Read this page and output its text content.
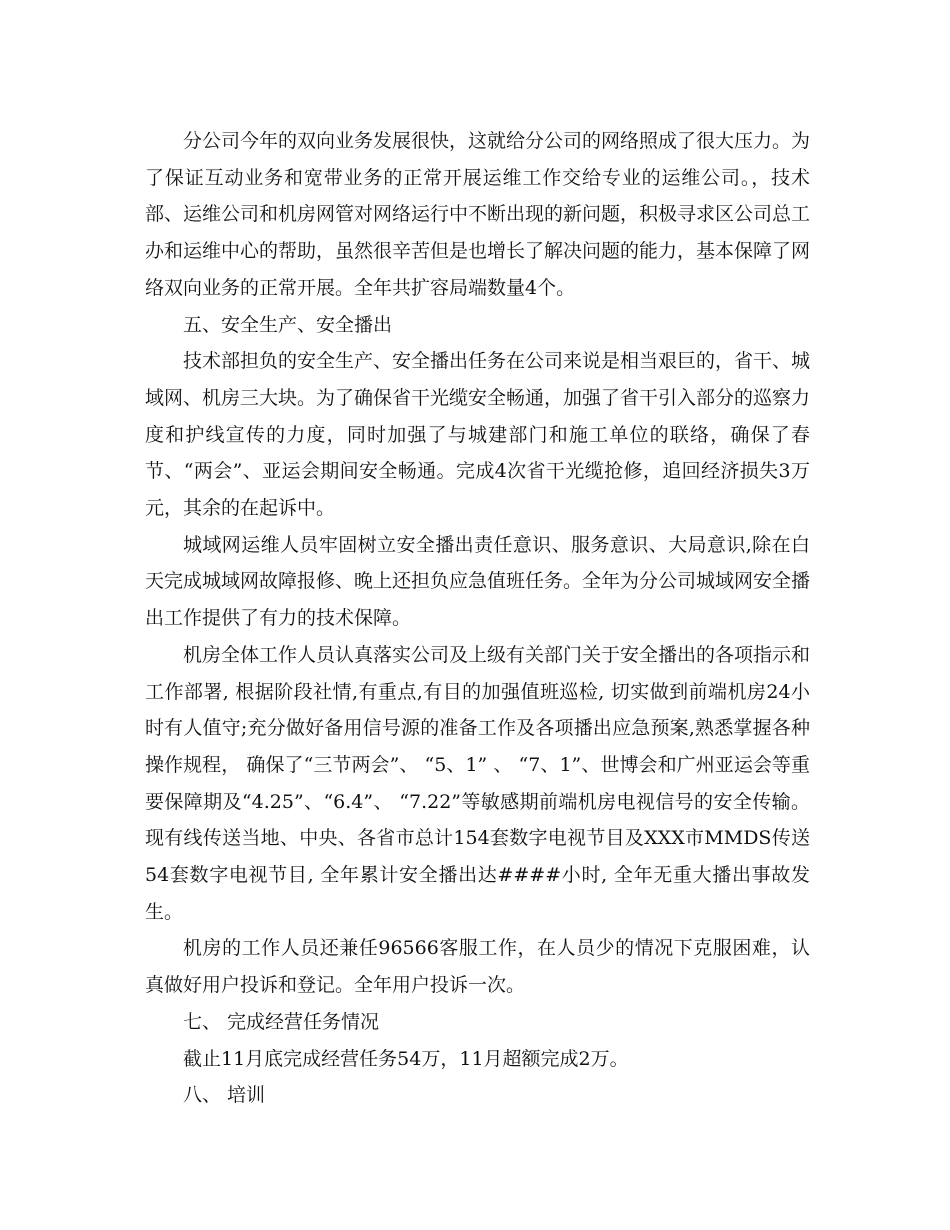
分公司今年的双向业务发展很快，这就给分公司的网络照成了很大压力。为了保证互动业务和宽带业务的正常开展运维工作交给专业的运维公司。，技术部、运维公司和机房网管对网络运行中不断出现的新问题，积极寻求区公司总工办和运维中心的帮助，虽然很辛苦但是也增长了解决问题的能力，基本保障了网络双向业务的正常开展。全年共扩容局端数量4个。

五、安全生产、安全播出

技术部担负的安全生产、安全播出任务在公司来说是相当艰巨的，省干、城域网、机房三大块。为了确保省干光缆安全畅通，加强了省干引入部分的巡察力度和护线宣传的力度，同时加强了与城建部门和施工单位的联络，确保了春节、“两会”、亚运会期间安全畅通。完成4次省干光缆抢修，追回经济损失3万元，其余的在起诉中。

城域网运维人员牢固树立安全播出责任意识、服务意识、大局意识,除在白天完成城域网故障报修、晚上还担负应急值班任务。全年为分公司城域网安全播出工作提供了有力的技术保障。

机房全体工作人员认真落实公司及上级有关部门关于安全播出的各项指示和工作部署, 根据阶段社情,有重点,有目的加强值班巡检, 切实做到前端机房24小时有人值守;充分做好备用信号源的准备工作及各项播出应急预案,熟悉掌握各种操作规程， 确保了“三节两会”、 “5、1” 、 “7、1”、世博会和广州亚运会等重要保障期及“4.25”、“6.4”、 “7.22”等敏感期前端机房电视信号的安全传输。现有线传送当地、中央、各省市总计154套数字电视节目及XXX市MMDS传送54套数字电视节目, 全年累计安全播出达####小时, 全年无重大播出事故发生。

机房的工作人员还兼任96566客服工作，在人员少的情况下克服困难，认真做好用户投诉和登记。全年用户投诉一次。

七、 完成经营任务情况

截止11月底完成经营任务54万，11月超额完成2万。

八、 培训
